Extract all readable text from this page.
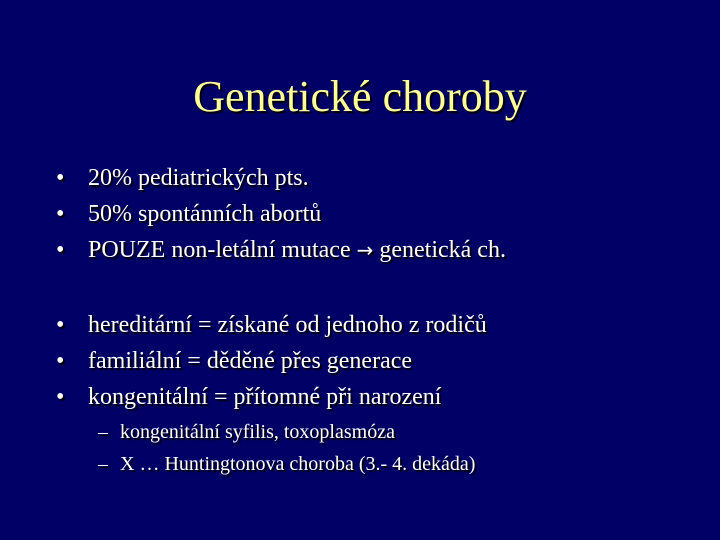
Genetické choroby
• 20% pediatrických pts.
• 50% spontánních abortů
• POUZE non-letální mutace → genetická ch.
• hereditární = získané od jednoho z rodičů
• familiální = děděné přes generace
• kongenitální = přítomné při narození
– kongenitální syfilis, toxoplasmóza
– X … Huntingtonova choroba (3.- 4. dekáda)
